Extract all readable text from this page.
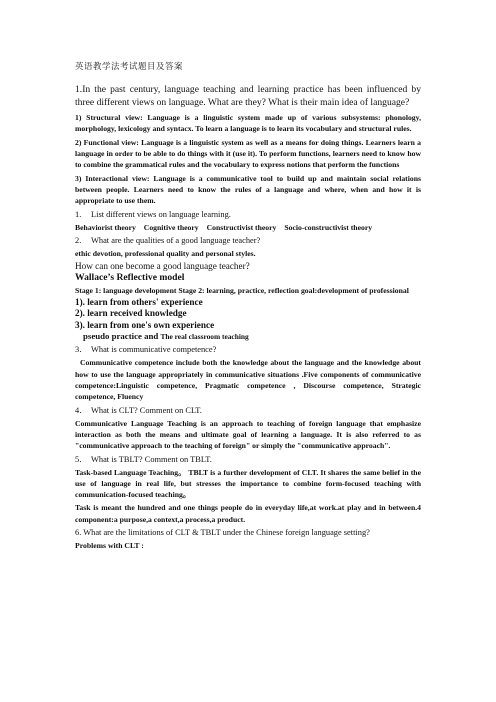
英语教学法考试题目及答案

1.In the past century, language teaching and learning practice has been influenced by three different views on language. What are they? What is their main idea of language?

1) Structural view: Language is a linguistic system made up of various subsystems: phonology, morphology, lexicology and syntacx. To learn a language is to learn its vocabulary and structural rules.

2) Functional view: Language is a linguistic system as well as a means for doing things. Learners learn a language in order to be able to do things with it (use it). To perform functions, learners need to know how to combine the grammatical rules and the vocabulary to express notions that perform the functions

3) Interactional view: Language is a communicative tool to build up and maintain social relations between people. Learners need to know the rules of a language and where, when and how it is appropriate to use them.

1. List different views on language learning.

Behaviorist theory Cognitive theory Constructivist theory Socio-constructivist theory

2. What are the qualities of a good language teacher?

ethic devotion, professional quality and personal styles.

How can one become a good language teacher?

Wallace’s Reflective model

Stage 1: language development Stage 2: learning, practice, reflection goal:development of professional

1). learn from others' experience

2). learn received knowledge

3). learn from one's own experience

pseudo practice and The real classroom teaching

3． What is communicative competence?

Communicative competence include both the knowledge about the language and the knowledge about how to use the language appropriately in communicative situations .Five components of communicative competence:Linguistic competence, Pragmatic competence , Discourse competence, Strategic competence, Fluency

4． What is CLT? Comment on CLT.

Communicative Language Teaching is an approach to teaching of foreign language that emphasize interaction as both the means and ultimate goal of learning a language. It is also referred to as "communicative approach to the teaching of foreign" or simply the "communicative approach".

5． What is TBLT? Comment on TBLT.

Task-based Language Teaching。 TBLT is a further development of CLT. It shares the same belief in the use of language in real life, but stresses the importance to combine form-focused teaching with communication-focused teaching。

Task is meant the hundred and one things people do in everyday life,at work.at play and in between.4 component:a purpose,a context,a process,a product.

6. What are the limitations of CLT & TBLT under the Chinese foreign language setting?

Problems with CLT :
